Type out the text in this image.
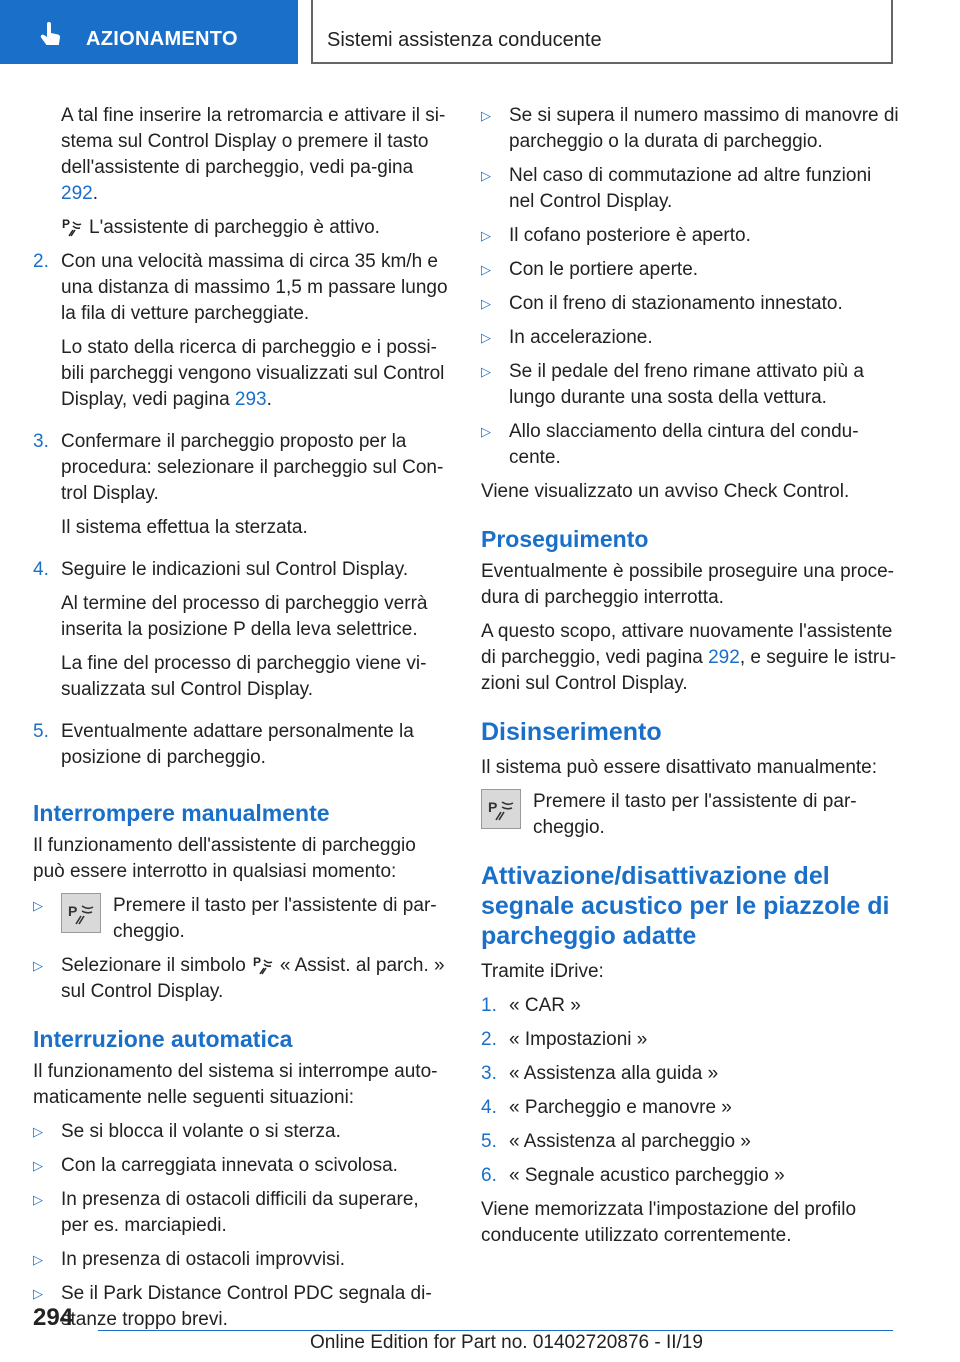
AZIONAMENTO	Sistemi assistenza conducente

A tal fine inserire la retromarcia e attivare il si-stema sul Control Display o premere il tasto dell'assistente di parcheggio, vedi pa-gina 292.

P L'assistente di parcheggio è attivo.

2. Con una velocità massima di circa 35 km/h e una distanza di massimo 1,5 m passare lungo la fila di vetture parcheggiate.

Lo stato della ricerca di parcheggio e i possi-bili parcheggi vengono visualizzati sul Control Display, vedi pagina 293.

3. Confermare il parcheggio proposto per la procedura: selezionare il parcheggio sul Con-trol Display.

Il sistema effettua la sterzata.

4. Seguire le indicazioni sul Control Display.

Al termine del processo di parcheggio verrà inserita la posizione P della leva selettrice.

La fine del processo di parcheggio viene vi-sualizzata sul Control Display.

5. Eventualmente adattare personalmente la posizione di parcheggio.

Interrompere manualmente

Il funzionamento dell'assistente di parcheggio può essere interrotto in qualsiasi momento:

▷	P Premere il tasto per l'assistente di par-cheggio.
▷ Selezionare il simbolo P « Assist. al parch. » sul Control Display.
Interruzione automatica

Il funzionamento del sistema si interrompe auto-maticamente nelle seguenti situazioni:

▷ Se si blocca il volante o si sterza.
▷ Con la carreggiata innevata o scivolosa.
▷ In presenza di ostacoli difficili da superare, per es. marciapiedi.
▷ In presenza di ostacoli improvvisi.
▷ Se il Park Distance Control PDC segnala di-stanze troppo brevi.
▷ Se si supera il numero massimo di manovre di parcheggio o la durata di parcheggio.
▷ Nel caso di commutazione ad altre funzioni nel Control Display.
▷ Il cofano posteriore è aperto.
▷ Con le portiere aperte.
▷ Con il freno di stazionamento innestato.
▷ In accelerazione.
▷ Se il pedale del freno rimane attivato più a lungo durante una sosta della vettura.
▷ Allo slacciamento della cintura del condu-cente.

Viene visualizzato un avviso Check Control.

Proseguimento

Eventualmente è possibile proseguire una proce-dura di parcheggio interrotta.

A questo scopo, attivare nuovamente l'assistente di parcheggio, vedi pagina 292, e seguire le istru-zioni sul Control Display.

Disinserimento

Il sistema può essere disattivato manualmente:

P Premere il tasto per l'assistente di par-cheggio.

Attivazione/disattivazione del segnale acustico per le piazzole di parcheggio adatte

Tramite iDrive:

1. « CAR »
2. « Impostazioni »
3. « Assistenza alla guida »
4. « Parcheggio e manovre »
5. « Assistenza al parcheggio »
6. « Segnale acustico parcheggio »

Viene memorizzata l'impostazione del profilo conducente utilizzato correntemente.

294
Online Edition for Part no. 01402720876 - II/19
